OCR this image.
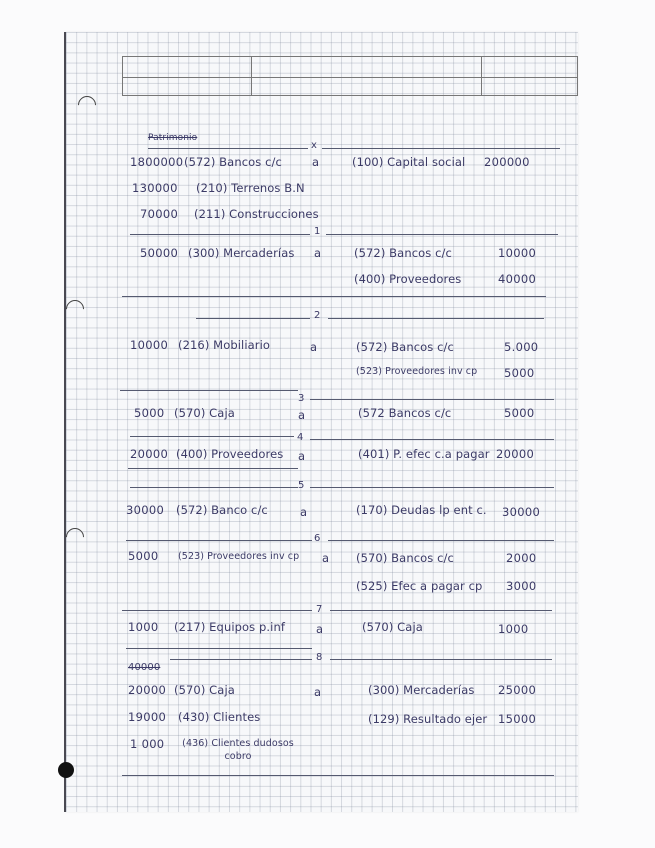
Patrimonio
x
1800000 (572) Bancos c/c	a	(100) Capital social 200000
130000 (210) Terrenos B.N
70000 (211) Construcciones
1
50000 (300) Mercaderías a	(572) Bancos c/c	10000
(400) Proveedores	40000
2
10000 (216) Mobiliario	a	(572) Bancos c/c	5.000
(523) Proveedores inv cp 5000
3
5000 (570) Caja	a	(572 Bancos c/c	5000
4
20000 (400) Proveedores a	(401) P. efec c.a pagar 20000
5
30000 (572) Banco c/c	a	(170) Deudas lp ent c. 30000
6
5000 (523) Proveedores inv cp a (570) Bancos c/c	2000
(525) Efec a pagar cp 3000
7
1000 (217) Equipos p.inf	a	(570) Caja	1000
8
40000
20000 (570) Caja	a	(300) Mercaderías 25000
19000 (430) Clientes	(129) Resultado ejer 15000
1 000 (436) Clientes dudosos cobro
